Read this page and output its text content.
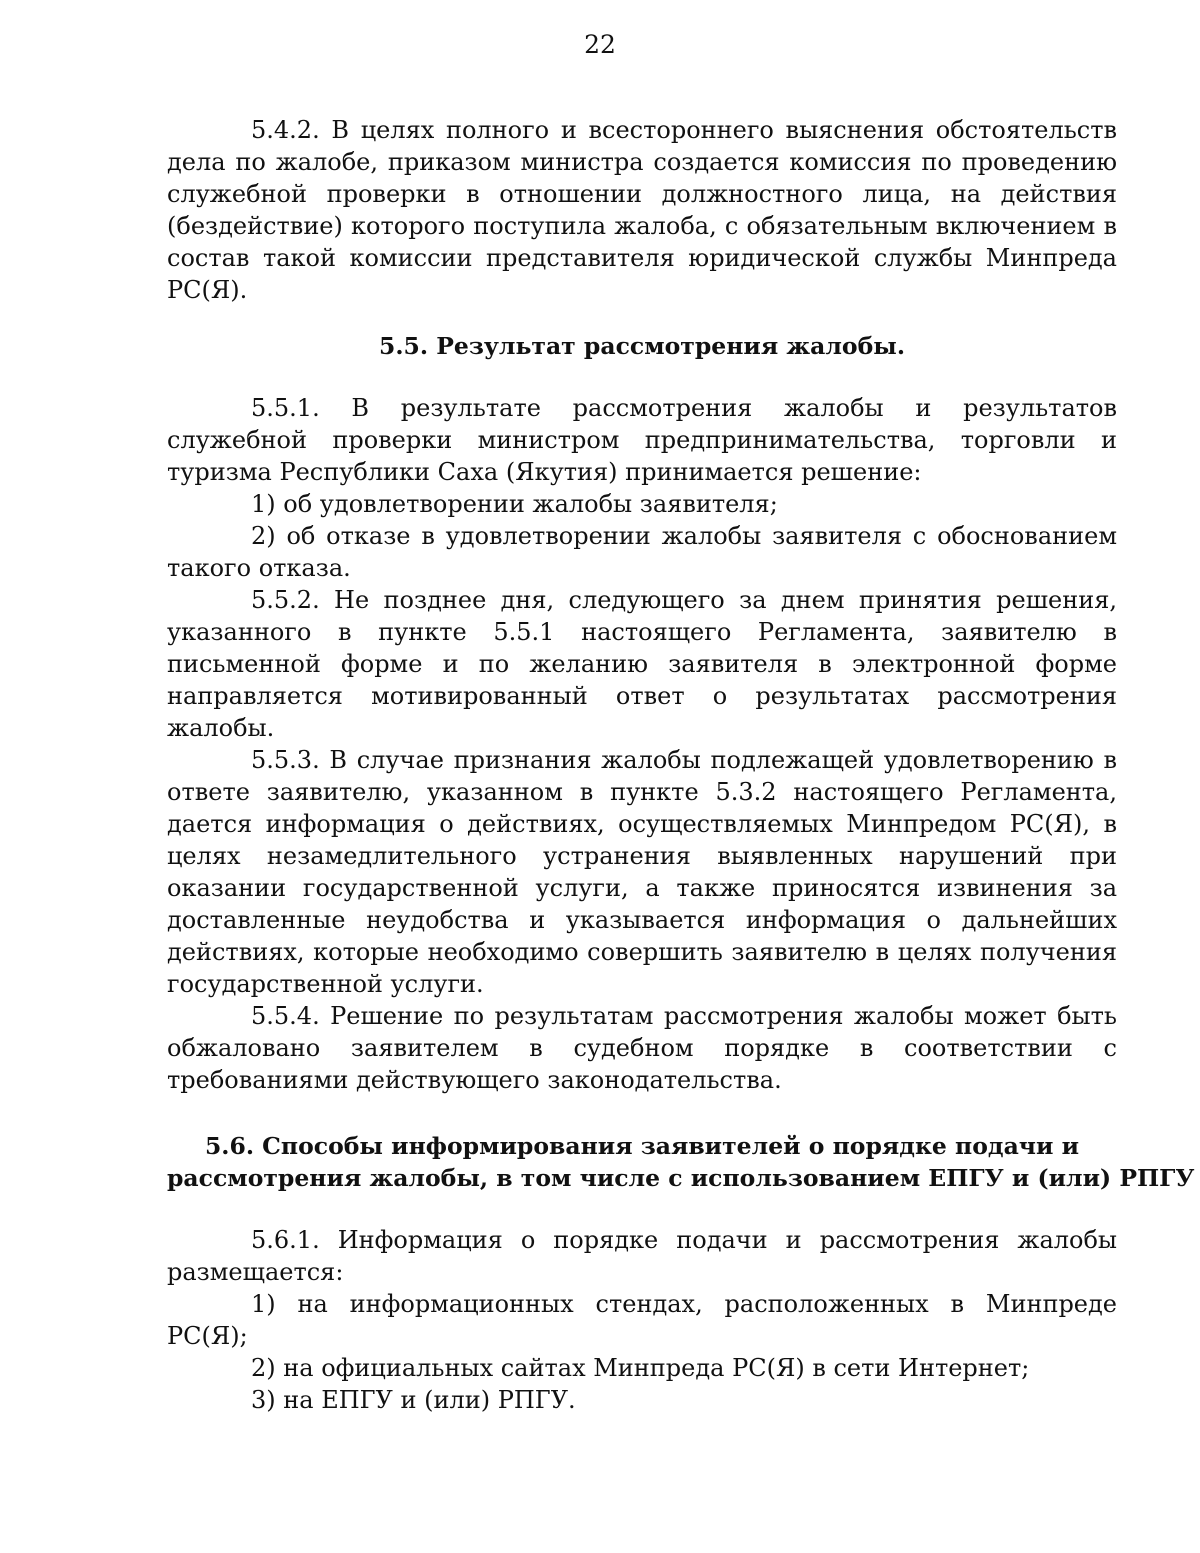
22

5.4.2. В целях полного и всестороннего выяснения обстоятельств дела по жалобе, приказом министра создается комиссия по проведению служебной проверки в отношении должностного лица, на действия (бездействие) которого поступила жалоба, с обязательным включением в состав такой комиссии представителя юридической службы Минпреда РС(Я).

5.5. Результат рассмотрения жалобы.

5.5.1. В результате рассмотрения жалобы и результатов служебной проверки министром предпринимательства, торговли и туризма Республики Саха (Якутия) принимается решение:

1) об удовлетворении жалобы заявителя;

2) об отказе в удовлетворении жалобы заявителя с обоснованием такого отказа.

5.5.2. Не позднее дня, следующего за днем принятия решения, указанного в пункте 5.5.1 настоящего Регламента, заявителю в письменной форме и по желанию заявителя в электронной форме направляется мотивированный ответ о результатах рассмотрения жалобы.

5.5.3. В случае признания жалобы подлежащей удовлетворению в ответе заявителю, указанном в пункте 5.3.2 настоящего Регламента, дается информация о действиях, осуществляемых Минпредом РС(Я), в целях незамедлительного устранения выявленных нарушений при оказании государственной услуги, а также приносятся извинения за доставленные неудобства и указывается информация о дальнейших действиях, которые необходимо совершить заявителю в целях получения государственной услуги.

5.5.4. Решение по результатам рассмотрения жалобы может быть обжаловано заявителем в судебном порядке в соответствии с требованиями действующего законодательства.

5.6. Способы информирования заявителей о порядке подачи и
рассмотрения жалобы, в том числе с использованием ЕПГУ и (или) РПГУ

5.6.1. Информация о порядке подачи и рассмотрения жалобы размещается:

1) на информационных стендах, расположенных в Минпреде РС(Я);

2) на официальных сайтах Минпреда РС(Я) в сети Интернет;

3) на ЕПГУ и (или) РПГУ.
